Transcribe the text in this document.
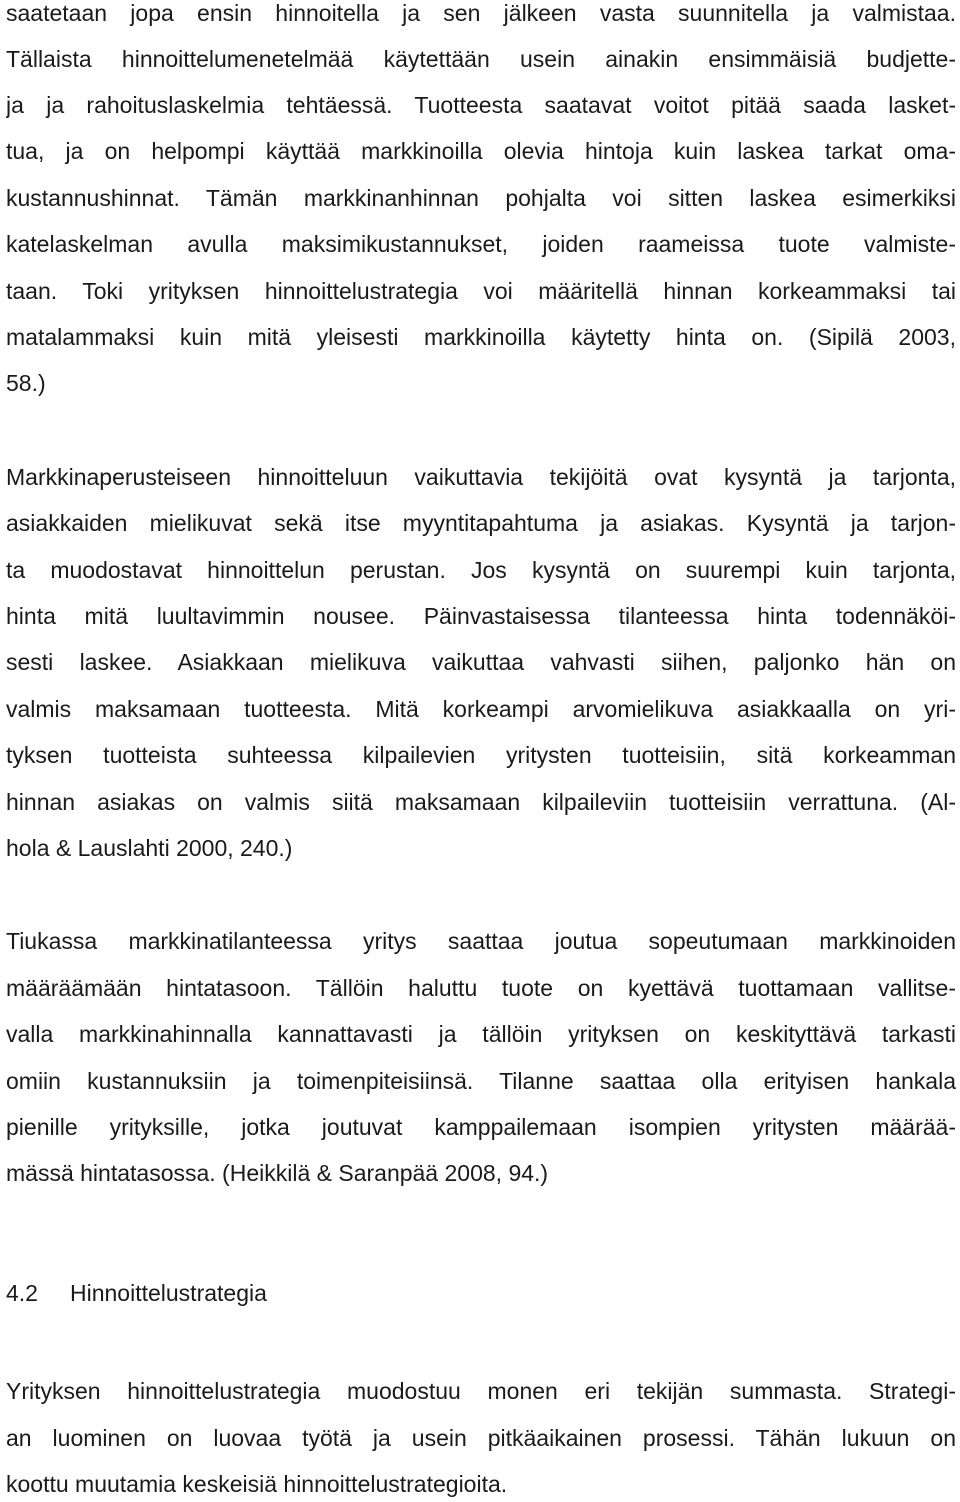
saatetaan jopa ensin hinnoitella ja sen jälkeen vasta suunnitella ja valmistaa.
Tällaista hinnoittelumenetelmää käytettään usein ainakin ensimmäisiä budjette-
ja ja rahoituslaskelmia tehtäessä. Tuotteesta saatavat voitot pitää saada lasket-
tua, ja on helpompi käyttää markkinoilla olevia hintoja kuin laskea tarkat oma-
kustannushinnat. Tämän markkinanhinnan pohjalta voi sitten laskea esimerkiksi
katelaskelman avulla maksimikustannukset, joiden raameissa tuote valmiste-
taan. Toki yrityksen hinnoittelustrategia voi määritellä hinnan korkeammaksi tai
matalammaksi kuin mitä yleisesti markkinoilla käytetty hinta on. (Sipilä 2003,
58.)
Markkinaperusteiseen hinnoitteluun vaikuttavia tekijöitä ovat kysyntä ja tarjonta,
asiakkaiden mielikuvat sekä itse myyntitapahtuma ja asiakas. Kysyntä ja tarjon-
ta muodostavat hinnoittelun perustan. Jos kysyntä on suurempi kuin tarjonta,
hinta mitä luultavimmin nousee. Päinvastaisessa tilanteessa hinta todennäköi-
sesti laskee. Asiakkaan mielikuva vaikuttaa vahvasti siihen, paljonko hän on
valmis maksamaan tuotteesta. Mitä korkeampi arvomielikuva asiakkaalla on yri-
tyksen tuotteista suhteessa kilpailevien yritysten tuotteisiin, sitä korkeamman
hinnan asiakas on valmis siitä maksamaan kilpaileviin tuotteisiin verrattuna. (Al-
hola & Lauslahti 2000, 240.)
Tiukassa markkinatilanteessa yritys saattaa joutua sopeutumaan markkinoiden
määräämään hintatasoon. Tällöin haluttu tuote on kyettävä tuottamaan vallitse-
valla markkinahinnalla kannattavasti ja tällöin yrityksen on keskityttävä tarkasti
omiin kustannuksiin ja toimenpiteisiinsä. Tilanne saattaa olla erityisen hankala
pienille yrityksille, jotka joutuvat kamppailemaan isompien yritysten määrää-
mässä hintatasossa. (Heikkilä & Saranpää 2008, 94.)
4.2 Hinnoittelustrategia
Yrityksen hinnoittelustrategia muodostuu monen eri tekijän summasta. Strategi-
an luominen on luovaa työtä ja usein pitkäaikainen prosessi. Tähän lukuun on
koottu muutamia keskeisiä hinnoittelustrategioita.
